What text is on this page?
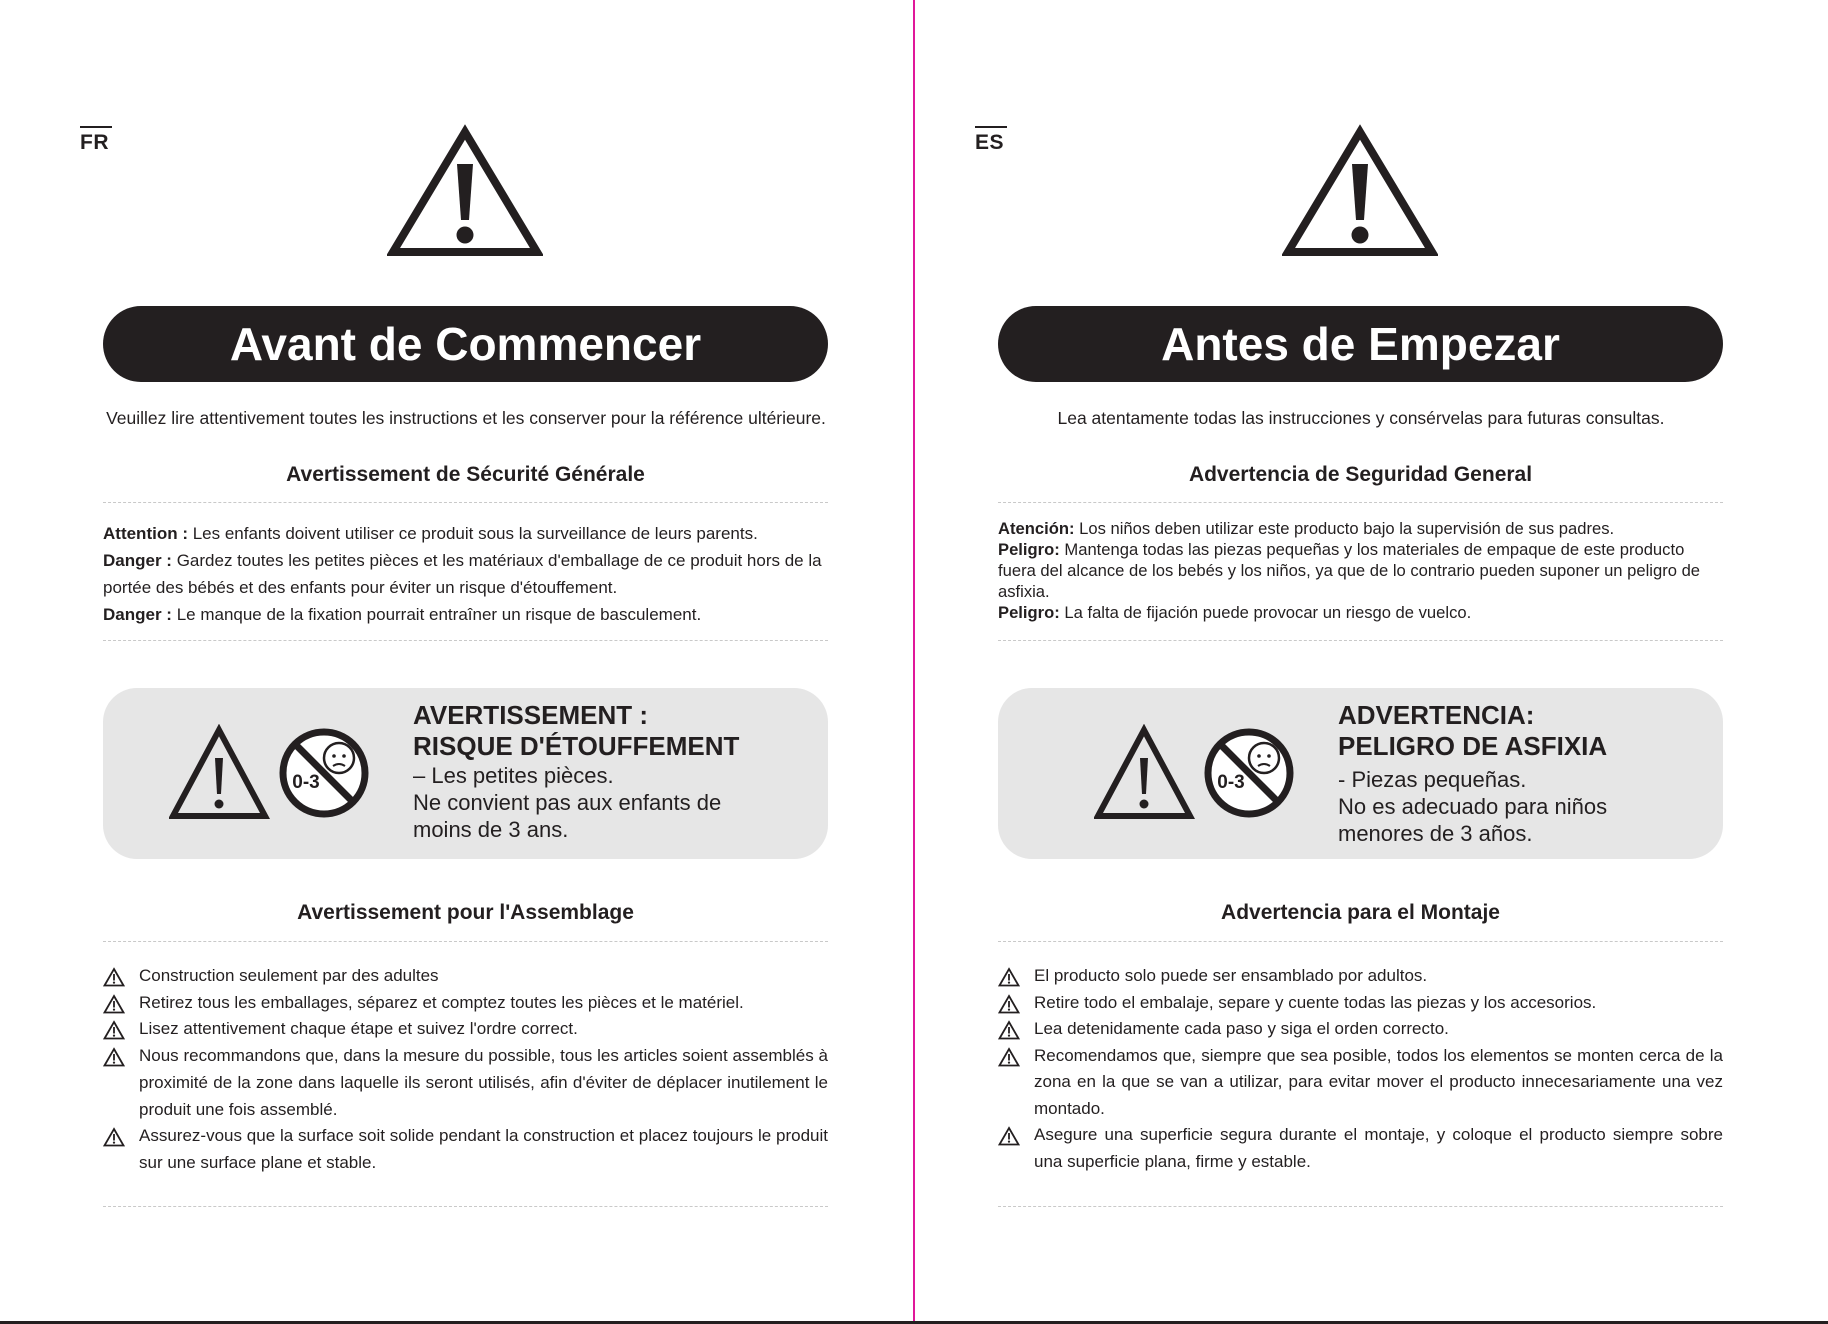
FR
Avant de Commencer
Veuillez lire attentivement toutes les instructions et les conserver pour la référence ultérieure.
Avertissement de Sécurité Générale

Attention : Les enfants doivent utiliser ce produit sous la surveillance de leurs parents.

Danger : Gardez toutes les petites pièces et les matériaux d'emballage de ce produit hors de la portée des bébés et des enfants pour éviter un risque d'étouffement.

Danger : Le manque de la fixation pourrait entraîner un risque de basculement.

0-3
AVERTISSEMENT :
RISQUE D'ÉTOUFFEMENT
– Les petites pièces.
Ne convient pas aux enfants de
moins de 3 ans.
Avertissement pour l'Assemblage
Construction seulement par des adultes
Retirez tous les emballages, séparez et comptez toutes les pièces et le matériel.
Lisez attentivement chaque étape et suivez l'ordre correct.
Nous recommandons que, dans la mesure du possible, tous les articles soient assemblés à proximité de la zone dans laquelle ils seront utilisés, afin d'éviter de déplacer inutilement le produit une fois assemblé.
Assurez-vous que la surface soit solide pendant la construction et placez toujours le produit sur une surface plane et stable.
ES
Antes de Empezar
Lea atentamente todas las instrucciones y consérvelas para futuras consultas.
Advertencia de Seguridad General

Atención: Los niños deben utilizar este producto bajo la supervisión de sus padres.

Peligro: Mantenga todas las piezas pequeñas y los materiales de empaque de este producto fuera del alcance de los bebés y los niños, ya que de lo contrario pueden suponer un peligro de asfixia.

Peligro: La falta de fijación puede provocar un riesgo de vuelco.

0-3
ADVERTENCIA:
PELIGRO DE ASFIXIA
- Piezas pequeñas.
No es adecuado para niños
menores de 3 años.
Advertencia para el Montaje
El producto solo puede ser ensamblado por adultos.
Retire todo el embalaje, separe y cuente todas las piezas y los accesorios.
Lea detenidamente cada paso y siga el orden correcto.
Recomendamos que, siempre que sea posible, todos los elementos se monten cerca de la zona en la que se van a utilizar, para evitar mover el producto innecesariamente una vez montado.
Asegure una superficie segura durante el montaje, y coloque el producto siempre sobre una superficie plana, firme y estable.
